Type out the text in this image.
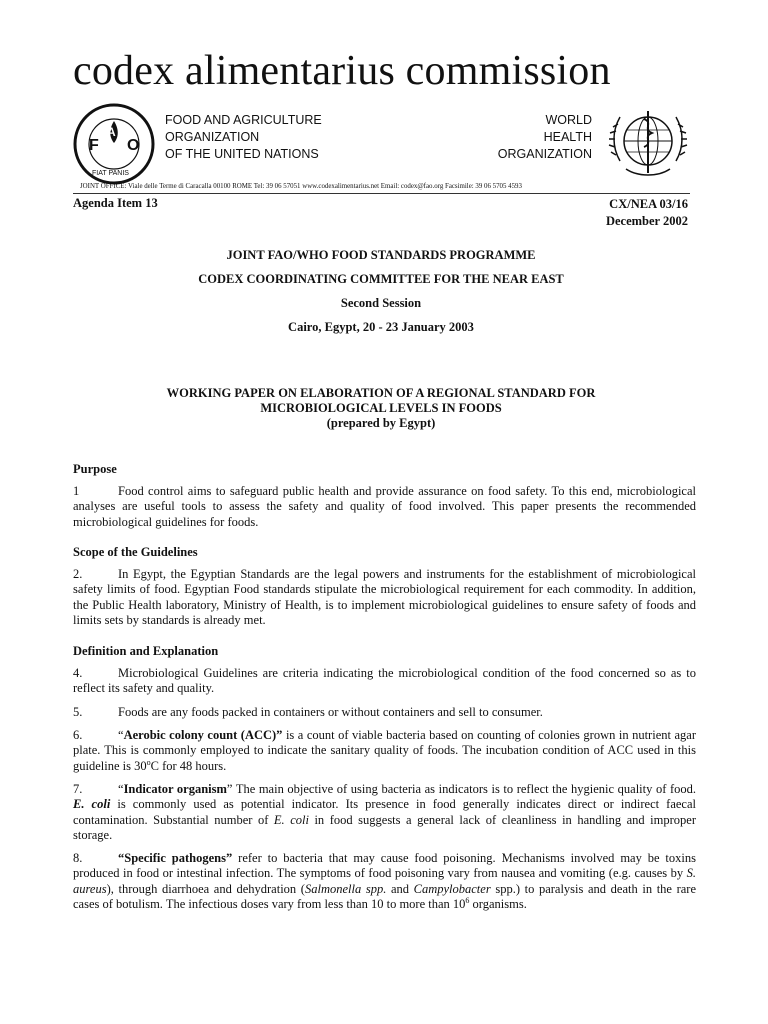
codex alimentarius commission
F
A
O
FIAT PANIS
FOOD AND AGRICULTURE
ORGANIZATION
OF THE UNITED NATIONS
WORLD
HEALTH
ORGANIZATION
JOINT OFFICE: Viale delle Terme di Caracalla 00100 ROME Tel: 39 06 57051 www.codexalimentarius.net Email: codex@fao.org Facsimile: 39 06 5705 4593
Agenda Item 13	CX/NEA 03/16
December 2002
JOINT FAO/WHO FOOD STANDARDS PROGRAMME
CODEX COORDINATING COMMITTEE FOR THE NEAR EAST
Second Session
Cairo, Egypt, 20 - 23 January 2003
WORKING PAPER ON ELABORATION OF A REGIONAL STANDARD FOR
MICROBIOLOGICAL LEVELS IN FOODS
(prepared by Egypt)
Purpose
1	Food control aims to safeguard public health and provide assurance on food safety. To this end, microbiological analyses are useful tools to assess the safety and quality of food involved. This paper presents the recommended microbiological guidelines for foods.
Scope of the Guidelines
2.	In Egypt, the Egyptian Standards are the legal powers and instruments for the establishment of microbiological safety limits of food. Egyptian Food standards stipulate the microbiological requirement for each commodity. In addition, the Public Health laboratory, Ministry of Health, is to implement microbiological guidelines to ensure safety of foods and limits sets by standards is already met.
Definition and Explanation
4.	Microbiological Guidelines are criteria indicating the microbiological condition of the food concerned so as to reflect its safety and quality.
5.	Foods are any foods packed in containers or without containers and sell to consumer.
6.	“Aerobic colony count (ACC)” is a count of viable bacteria based on counting of colonies grown in nutrient agar plate. This is commonly employed to indicate the sanitary quality of foods. The incubation condition of ACC used in this guideline is 30$^o$C for 48 hours.
7.	“Indicator organism” The main objective of using bacteria as indicators is to reflect the hygienic quality of food. E. coli is commonly used as potential indicator. Its presence in food generally indicates direct or indirect faecal contamination. Substantial number of E. coli in food suggests a general lack of cleanliness in handling and improper storage.
8.	“Specific pathogens” refer to bacteria that may cause food poisoning. Mechanisms involved may be toxins produced in food or intestinal infection. The symptoms of food poisoning vary from nausea and vomiting (e.g. causes by S. aureus), through diarrhoea and dehydration (Salmonella spp. and Campylobacter spp.) to paralysis and death in the rare cases of botulism. The infectious doses vary from less than 10 to more than $10^6$ organisms.
